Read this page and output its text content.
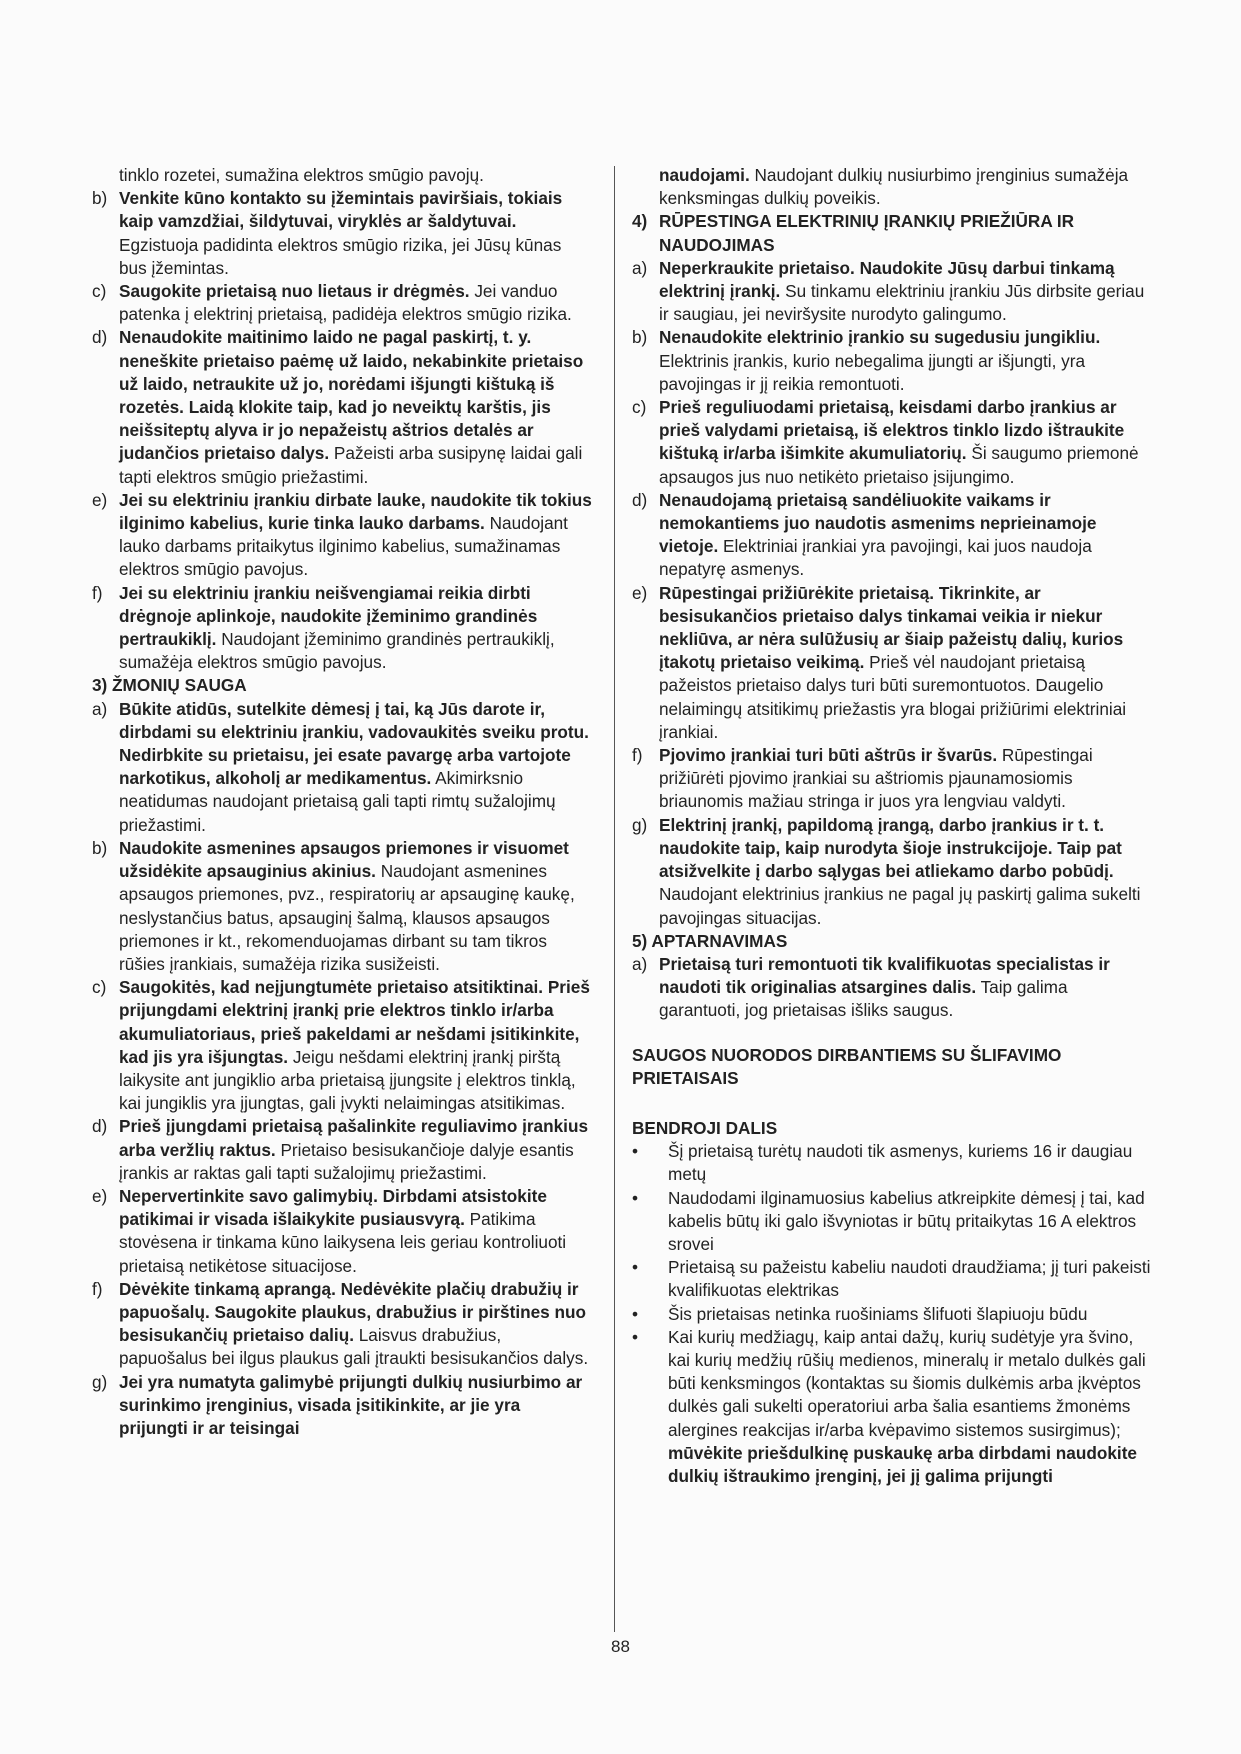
tinklo rozetei, sumažina elektros smūgio pavojų.
b) Venkite kūno kontakto su įžemintais paviršiais, tokiais kaip vamzdžiai, šildytuvai, viryklės ar šaldytuvai. Egzistuoja padidinta elektros smūgio rizika, jei Jūsų kūnas bus įžemintas.
c) Saugokite prietaisą nuo lietaus ir drėgmės. Jei vanduo patenka į elektrinį prietaisą, padidėja elektros smūgio rizika.
d) Nenaudokite maitinimo laido ne pagal paskirtį, t. y. neneškite prietaiso paėmę už laido, nekabinkite prietaiso už laido, netraukite už jo, norėdami išjungti kištuką iš rozetės. Laidą klokite taip, kad jo neveiktų karštis, jis neišsiteptų alyva ir jo nepažeistų aštrios detalės ar judančios prietaiso dalys. Pažeisti arba susipynę laidai gali tapti elektros smūgio priežastimi.
e) Jei su elektriniu įrankiu dirbate lauke, naudokite tik tokius ilginimo kabelius, kurie tinka lauko darbams. Naudojant lauko darbams pritaikytus ilginimo kabelius, sumažinamas elektros smūgio pavojus.
f) Jei su elektriniu įrankiu neišvengiamai reikia dirbti drėgnoje aplinkoje, naudokite įžeminimo grandinės pertraukiklį. Naudojant įžeminimo grandinės pertraukiklį, sumažėja elektros smūgio pavojus.
3) ŽMONIŲ SAUGA
a) Būkite atidūs, sutelkite dėmesį į tai, ką Jūs darote ir, dirbdami su elektriniu įrankiu, vadovaukitės sveiku protu. Nedirbkite su prietaisu, jei esate pavargę arba vartojote narkotikus, alkoholį ar medikamentus. Akimirksnio neatidumas naudojant prietaisą gali tapti rimtų sužalojimų priežastimi.
b) Naudokite asmenines apsaugos priemones ir visuomet užsidėkite apsauginius akinius. Naudojant asmenines apsaugos priemones, pvz., respiratorių ar apsauginę kaukę, neslystančius batus, apsauginį šalmą, klausos apsaugos priemones ir kt., rekomenduojamas dirbant su tam tikros rūšies įrankiais, sumažėja rizika susižeisti.
c) Saugokitės, kad neįjungtumėte prietaiso atsitiktinai. Prieš prijungdami elektrinį įrankį prie elektros tinklo ir/arba akumuliatoriaus, prieš pakeldami ar nešdami įsitikinkite, kad jis yra išjungtas. Jeigu nešdami elektrinį įrankį pirštą laikysite ant jungiklio arba prietaisą įjungsite į elektros tinklą, kai jungiklis yra įjungtas, gali įvykti nelaimingas atsitikimas.
d) Prieš įjungdami prietaisą pašalinkite reguliavimo įrankius arba veržlių raktus. Prietaiso besisukančioje dalyje esantis įrankis ar raktas gali tapti sužalojimų priežastimi.
e) Nepervertinkite savo galimybių. Dirbdami atsistokite patikimai ir visada išlaikykite pusiausvyrą. Patikima stovėsena ir tinkama kūno laikysena leis geriau kontroliuoti prietaisą netikėtose situacijose.
f) Dėvėkite tinkamą aprangą. Nedėvėkite plačių drabužių ir papuošalų. Saugokite plaukus, drabužius ir pirštines nuo besisukančių prietaiso dalių. Laisvus drabužius, papuošalus bei ilgus plaukus gali įtraukti besisukančios dalys.
g) Jei yra numatyta galimybė prijungti dulkių nusiurbimo ar surinkimo įrenginius, visada įsitikinkite, ar jie yra prijungti ir ar teisingai
naudojami. Naudojant dulkių nusiurbimo įrenginius sumažėja kenksmingas dulkių poveikis.
4) RŪPESTINGA ELEKTRINIŲ ĮRANKIŲ PRIEŽIŪRA IR NAUDOJIMAS
a) Neperkraukite prietaiso. Naudokite Jūsų darbui tinkamą elektrinį įrankį. Su tinkamu elektriniu įrankiu Jūs dirbsite geriau ir saugiau, jei neviršysite nurodyto galingumo.
b) Nenaudokite elektrinio įrankio su sugedusiu jungikliu. Elektrinis įrankis, kurio nebegalima įjungti ar išjungti, yra pavojingas ir jį reikia remontuoti.
c) Prieš reguliuodami prietaisą, keisdami darbo įrankius ar prieš valydami prietaisą, iš elektros tinklo lizdo ištraukite kištuką ir/arba išimkite akumuliatorių. Ši saugumo priemonė apsaugos jus nuo netikėto prietaiso įsijungimo.
d) Nenaudojamą prietaisą sandėliuokite vaikams ir nemokantiems juo naudotis asmenims neprieinamoje vietoje. Elektriniai įrankiai yra pavojingi, kai juos naudoja nepatyrę asmenys.
e) Rūpestingai prižiūrėkite prietaisą. Tikrinkite, ar besisukančios prietaiso dalys tinkamai veikia ir niekur nekliūva, ar nėra sulūžusių ar šiaip pažeistų dalių, kurios įtakotų prietaiso veikimą. Prieš vėl naudojant prietaisą pažeistos prietaiso dalys turi būti suremontuotos. Daugelio nelaimingų atsitikimų priežastis yra blogai prižiūrimi elektriniai įrankiai.
f) Pjovimo įrankiai turi būti aštrūs ir švarūs. Rūpestingai prižiūrėti pjovimo įrankiai su aštriomis pjaunamosiomis briaunomis mažiau stringa ir juos yra lengviau valdyti.
g) Elektrinį įrankį, papildomą įrangą, darbo įrankius ir t. t. naudokite taip, kaip nurodyta šioje instrukcijoje. Taip pat atsižvelkite į darbo sąlygas bei atliekamo darbo pobūdį. Naudojant elektrinius įrankius ne pagal jų paskirtį galima sukelti pavojingas situacijas.
5) APTARNAVIMAS
a) Prietaisą turi remontuoti tik kvalifikuotas specialistas ir naudoti tik originalias atsargines dalis. Taip galima garantuoti, jog prietaisas išliks saugus.
SAUGOS NUORODOS DIRBANTIEMS SU ŠLIFAVIMO PRIETAISAIS
BENDROJI DALIS
•	Šį prietaisą turėtų naudoti tik asmenys, kuriems 16 ir daugiau metų
•	Naudodami ilginamuosius kabelius atkreipkite dėmesį į tai, kad kabelis būtų iki galo išvyniotas ir būtų pritaikytas 16 A elektros srovei
•	Prietaisą su pažeistu kabeliu naudoti draudžiama; jį turi pakeisti kvalifikuotas elektrikas
•	Šis prietaisas netinka ruošiniams šlifuoti šlapiuoju būdu
•	Kai kurių medžiagų, kaip antai dažų, kurių sudėtyje yra švino, kai kurių medžių rūšių medienos, mineralų ir metalo dulkės gali būti kenksmingos (kontaktas su šiomis dulkėmis arba įkvėptos dulkės gali sukelti operatoriui arba šalia esantiems žmonėms alergines reakcijas ir/arba kvėpavimo sistemos susirgimus); mūvėkite priešdulkinę puskaukę arba dirbdami naudokite dulkių ištraukimo įrenginį, jei jį galima prijungti
88
